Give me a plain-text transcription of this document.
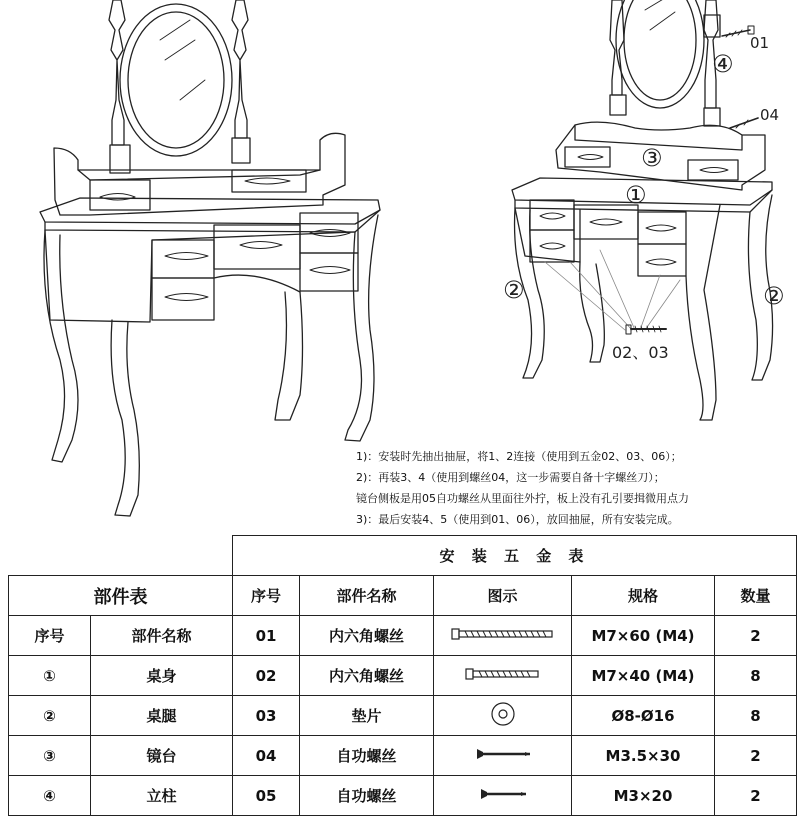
01
04
02、03
①
②	②
③
④
1)：安装时先抽出抽屉，将1、2连接（使用到五金02、03、06）；
2)：再装3、4（使用到螺丝04，这一步需要自备十字螺丝刀）；
镜台侧板是用05自功螺丝从里面往外拧，板上没有孔引要揖微用点力
3)：最后安装4、5（使用到01、06），放回抽屉，所有安装完成。
		安 装 五 金 表				
部件表		序号	部件名称	图示	规格	数量
序号	部件名称	01	内六角螺丝		M7×60 (M4)	2
①	桌身	02	内六角螺丝		M7×40 (M4)	8
②	桌腿	03	垫片		Ø8-Ø16	8
③	镜台	04	自功螺丝		M3.5×30	2
④	立柱	05	自功螺丝		M3×20	2
